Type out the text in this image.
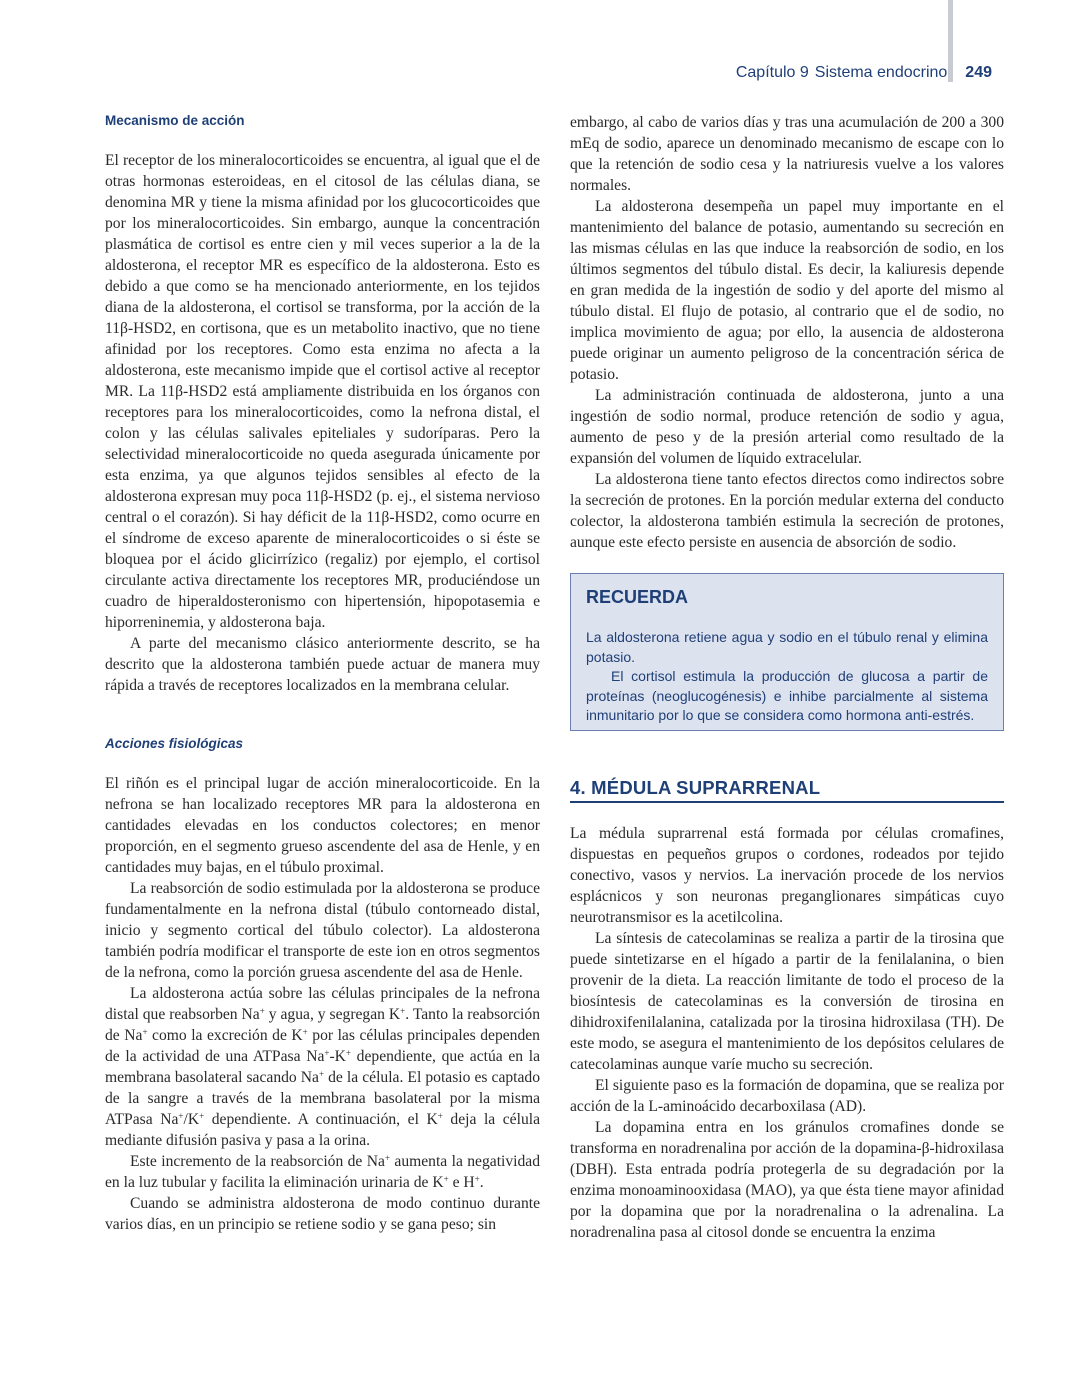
Capítulo 9 Sistema endocrino 249
Mecanismo de acción

El receptor de los mineralocorticoides se encuentra, al igual que el de otras hormonas esteroideas, en el citosol de las células diana, se denomina MR y tiene la misma afinidad por los glucocorticoides que por los mineralocorticoides. Sin embargo, aunque la concentración plasmática de cortisol es entre cien y mil veces superior a la de la aldosterona, el receptor MR es específico de la aldosterona. Esto es debido a que como se ha mencionado anteriormente, en los tejidos diana de la aldosterona, el cortisol se transforma, por la acción de la 11β-HSD2, en cortisona, que es un metabolito inactivo, que no tiene afinidad por los receptores. Como esta enzima no afecta a la aldosterona, este mecanismo impide que el cortisol active al receptor MR. La 11β-HSD2 está ampliamente distribuida en los órganos con receptores para los mineralocorticoides, como la nefrona distal, el colon y las células salivales epiteliales y sudoríparas. Pero la selectividad mineralocorticoide no queda asegurada únicamente por esta enzima, ya que algunos tejidos sensibles al efecto de la aldosterona expresan muy poca 11β-HSD2 (p. ej., el sistema nervioso central o el corazón). Si hay déficit de la 11β-HSD2, como ocurre en el síndrome de exceso aparente de mineralocorticoides o si éste se bloquea por el ácido glicirrízico (regaliz) por ejemplo, el cortisol circulante activa directamente los receptores MR, produciéndose un cuadro de hiperaldosteronismo con hipertensión, hipopotasemia e hiporreninemia, y aldosterona baja.

A parte del mecanismo clásico anteriormente descrito, se ha descrito que la aldosterona también puede actuar de manera muy rápida a través de receptores localizados en la membrana celular.

Acciones fisiológicas

El riñón es el principal lugar de acción mineralocorticoide. En la nefrona se han localizado receptores MR para la aldosterona en cantidades elevadas en los conductos colectores; en menor proporción, en el segmento grueso ascendente del asa de Henle, y en cantidades muy bajas, en el túbulo proximal.

La reabsorción de sodio estimulada por la aldosterona se produce fundamentalmente en la nefrona distal (túbulo contorneado distal, inicio y segmento cortical del túbulo colector). La aldosterona también podría modificar el transporte de este ion en otros segmentos de la nefrona, como la porción gruesa ascendente del asa de Henle.

La aldosterona actúa sobre las células principales de la nefrona distal que reabsorben Na+ y agua, y segregan K+. Tanto la reabsorción de Na+ como la excreción de K+ por las células principales dependen de la actividad de una ATPasa Na+-K+ dependiente, que actúa en la membrana basolateral sacando Na+ de la célula. El potasio es captado de la sangre a través de la membrana basolateral por la misma ATPasa Na+/K+ dependiente. A continuación, el K+ deja la célula mediante difusión pasiva y pasa a la orina.

Este incremento de la reabsorción de Na+ aumenta la negatividad en la luz tubular y facilita la eliminación urinaria de K+ e H+.

Cuando se administra aldosterona de modo continuo durante varios días, en un principio se retiene sodio y se gana peso; sin

embargo, al cabo de varios días y tras una acumulación de 200 a 300 mEq de sodio, aparece un denominado mecanismo de escape con lo que la retención de sodio cesa y la natriuresis vuelve a los valores normales.

La aldosterona desempeña un papel muy importante en el mantenimiento del balance de potasio, aumentando su secreción en las mismas células en las que induce la reabsorción de sodio, en los últimos segmentos del túbulo distal. Es decir, la kaliuresis depende en gran medida de la ingestión de sodio y del aporte del mismo al túbulo distal. El flujo de potasio, al contrario que el de sodio, no implica movimiento de agua; por ello, la ausencia de aldosterona puede originar un aumento peligroso de la concentración sérica de potasio.

La administración continuada de aldosterona, junto a una ingestión de sodio normal, produce retención de sodio y agua, aumento de peso y de la presión arterial como resultado de la expansión del volumen de líquido extracelular.

La aldosterona tiene tanto efectos directos como indirectos sobre la secreción de protones. En la porción medular externa del conducto colector, la aldosterona también estimula la secreción de protones, aunque este efecto persiste en ausencia de absorción de sodio.

RECUERDA

La aldosterona retiene agua y sodio en el túbulo renal y elimina potasio.

El cortisol estimula la producción de glucosa a partir de proteínas (neoglucogénesis) e inhibe parcialmente al sistema inmunitario por lo que se considera como hormona anti-estrés.

4. MÉDULA SUPRARRENAL

La médula suprarrenal está formada por células cromafines, dispuestas en pequeños grupos o cordones, rodeados por tejido conectivo, vasos y nervios. La inervación procede de los nervios esplácnicos y son neuronas preganglionares simpáticas cuyo neurotransmisor es la acetilcolina.

La síntesis de catecolaminas se realiza a partir de la tirosina que puede sintetizarse en el hígado a partir de la fenilalanina, o bien provenir de la dieta. La reacción limitante de todo el proceso de la biosíntesis de catecolaminas es la conversión de tirosina en dihidroxifenilalanina, catalizada por la tirosina hidroxilasa (TH). De este modo, se asegura el mantenimiento de los depósitos celulares de catecolaminas aunque varíe mucho su secreción.

El siguiente paso es la formación de dopamina, que se realiza por acción de la L-aminoácido decarboxilasa (AD).

La dopamina entra en los gránulos cromafines donde se transforma en noradrenalina por acción de la dopamina-β-hidroxilasa (DBH). Esta entrada podría protegerla de su degradación por la enzima monoaminooxidasa (MAO), ya que ésta tiene mayor afinidad por la dopamina que por la noradrenalina o la adrenalina. La noradrenalina pasa al citosol donde se encuentra la enzima
